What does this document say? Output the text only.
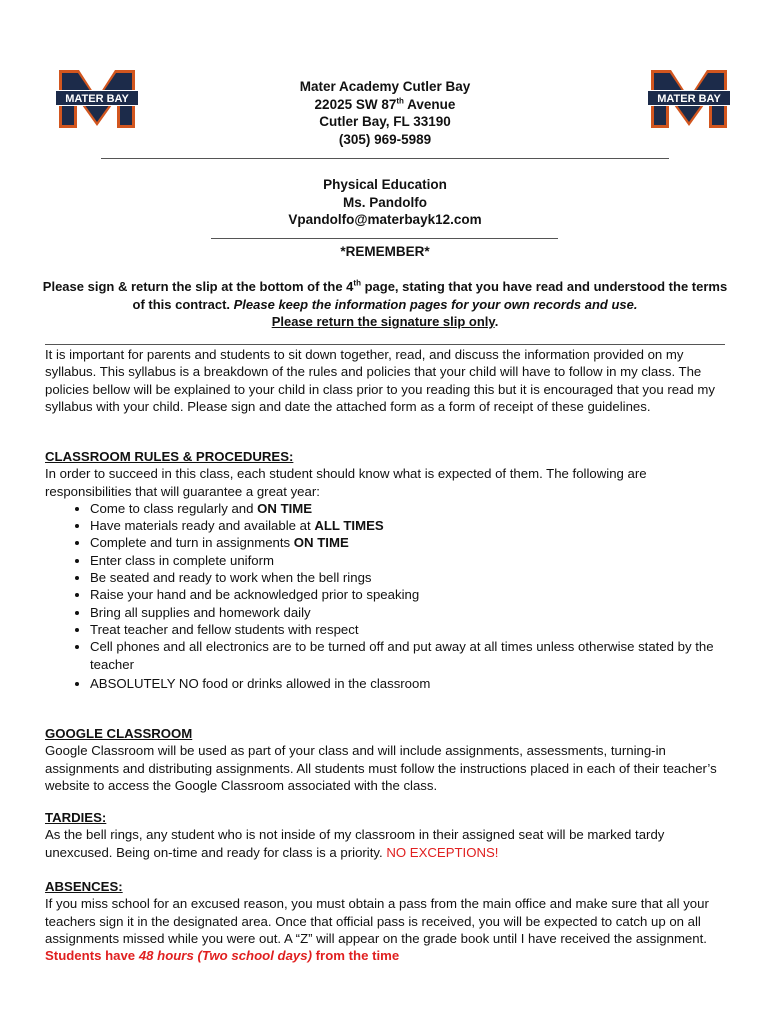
MATER BAY	MATER BAY
Mater Academy Cutler Bay
22025 SW 87th Avenue
Cutler Bay, FL 33190
(305) 969-5989
Physical Education
Ms. Pandolfo
Vpandolfo@materbayk12.com
*REMEMBER*
Please sign & return the slip at the bottom of the 4th page, stating that you have read and understood the terms of this contract. Please keep the information pages for your own records and use.
Please return the signature slip only.
It is important for parents and students to sit down together, read, and discuss the information provided on my syllabus. This syllabus is a breakdown of the rules and policies that your child will have to follow in my class. The policies bellow will be explained to your child in class prior to you reading this but it is encouraged that you read my syllabus with your child. Please sign and date the attached form as a form of receipt of these guidelines.
CLASSROOM RULES & PROCEDURES:
In order to succeed in this class, each student should know what is expected of them. The following are responsibilities that will guarantee a great year:
• Come to class regularly and ON TIME
• Have materials ready and available at ALL TIMES
• Complete and turn in assignments ON TIME
• Enter class in complete uniform
• Be seated and ready to work when the bell rings
• Raise your hand and be acknowledged prior to speaking
• Bring all supplies and homework daily
• Treat teacher and fellow students with respect
• Cell phones and all electronics are to be turned off and put away at all times unless otherwise stated by the teacher
• ABSOLUTELY NO food or drinks allowed in the classroom
GOOGLE CLASSROOM
Google Classroom will be used as part of your class and will include assignments, assessments, turning-in assignments and distributing assignments. All students must follow the instructions placed in each of their teacher’s website to access the Google Classroom associated with the class.
TARDIES:
As the bell rings, any student who is not inside of my classroom in their assigned seat will be marked tardy unexcused. Being on-time and ready for class is a priority. NO EXCEPTIONS!
ABSENCES:
If you miss school for an excused reason, you must obtain a pass from the main office and make sure that all your teachers sign it in the designated area. Once that official pass is received, you will be expected to catch up on all assignments missed while you were out. A “Z” will appear on the grade book until I have received the assignment. Students have 48 hours (Two school days) from the time
